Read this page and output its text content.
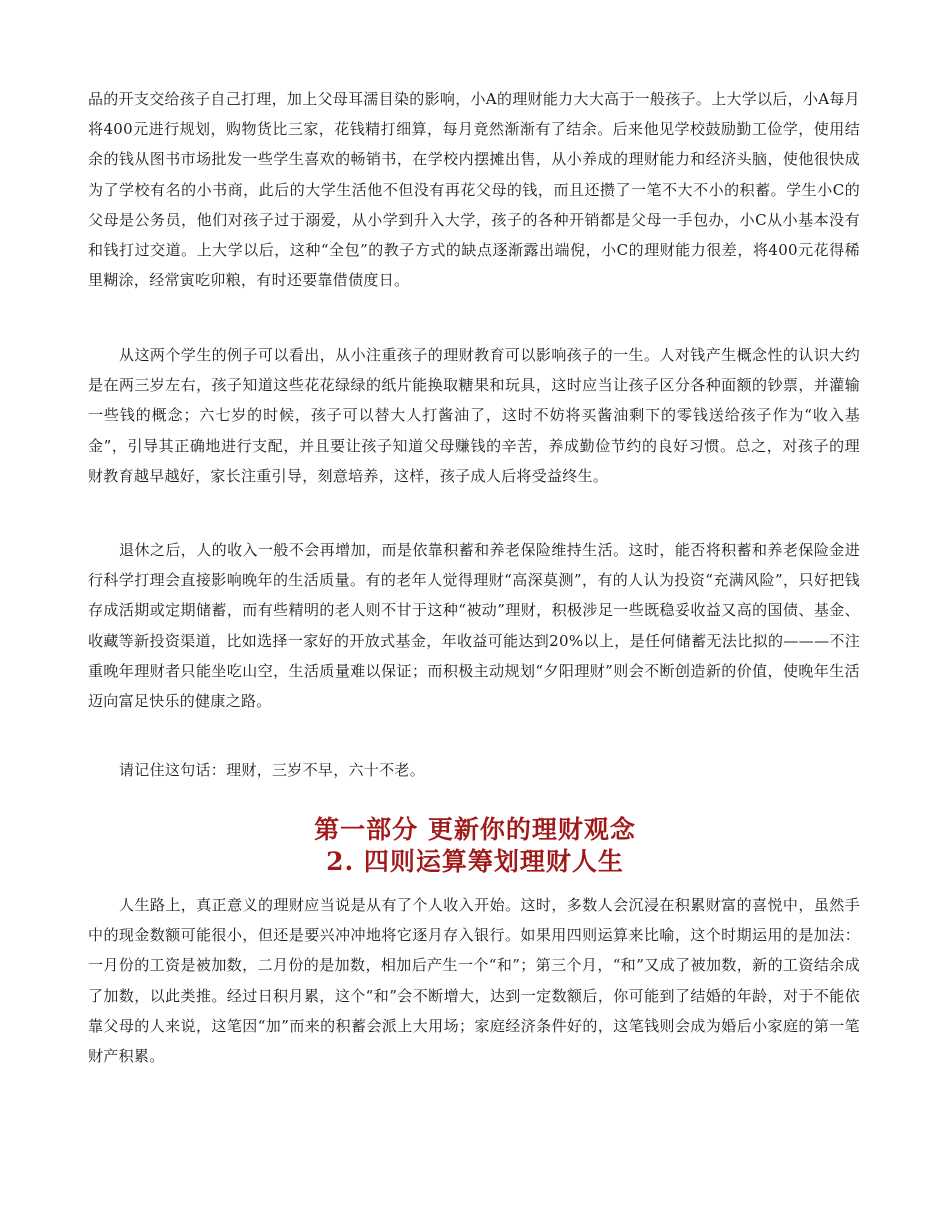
品的开支交给孩子自己打理，加上父母耳濡目染的影响，小A的理财能力大大高于一般孩子。上大学以后，小A每月将400元进行规划，购物货比三家，花钱精打细算，每月竟然渐渐有了结余。后来他见学校鼓励勤工俭学，使用结余的钱从图书市场批发一些学生喜欢的畅销书，在学校内摆摊出售，从小养成的理财能力和经济头脑，使他很快成为了学校有名的小书商，此后的大学生活他不但没有再花父母的钱，而且还攒了一笔不大不小的积蓄。学生小C的父母是公务员，他们对孩子过于溺爱，从小学到升入大学，孩子的各种开销都是父母一手包办，小C从小基本没有和钱打过交道。上大学以后，这种“全包”的教子方式的缺点逐渐露出端倪，小C的理财能力很差，将400元花得稀里糊涂，经常寅吃卯粮，有时还要靠借债度日。

从这两个学生的例子可以看出，从小注重孩子的理财教育可以影响孩子的一生。人对钱产生概念性的认识大约是在两三岁左右，孩子知道这些花花绿绿的纸片能换取糖果和玩具，这时应当让孩子区分各种面额的钞票，并灌输一些钱的概念；六七岁的时候，孩子可以替大人打酱油了，这时不妨将买酱油剩下的零钱送给孩子作为“收入基金”，引导其正确地进行支配，并且要让孩子知道父母赚钱的辛苦，养成勤俭节约的良好习惯。总之，对孩子的理财教育越早越好，家长注重引导，刻意培养，这样，孩子成人后将受益终生。

退休之后，人的收入一般不会再增加，而是依靠积蓄和养老保险维持生活。这时，能否将积蓄和养老保险金进行科学打理会直接影响晚年的生活质量。有的老年人觉得理财“高深莫测”，有的人认为投资“充满风险”，只好把钱存成活期或定期储蓄，而有些精明的老人则不甘于这种“被动”理财，积极涉足一些既稳妥收益又高的国债、基金、收藏等新投资渠道，比如选择一家好的开放式基金，年收益可能达到20%以上，是任何储蓄无法比拟的———不注重晚年理财者只能坐吃山空，生活质量难以保证；而积极主动规划“夕阳理财”则会不断创造新的价值，使晚年生活迈向富足快乐的健康之路。

请记住这句话：理财，三岁不早，六十不老。

第一部分 更新你的理财观念
2. 四则运算筹划理财人生

人生路上，真正意义的理财应当说是从有了个人收入开始。这时，多数人会沉浸在积累财富的喜悦中，虽然手中的现金数额可能很小，但还是要兴冲冲地将它逐月存入银行。如果用四则运算来比喻，这个时期运用的是加法：一月份的工资是被加数，二月份的是加数，相加后产生一个“和”；第三个月，“和”又成了被加数，新的工资结余成了加数，以此类推。经过日积月累，这个“和”会不断增大，达到一定数额后，你可能到了结婚的年龄，对于不能依靠父母的人来说，这笔因“加”而来的积蓄会派上大用场；家庭经济条件好的，这笔钱则会成为婚后小家庭的第一笔财产积累。
